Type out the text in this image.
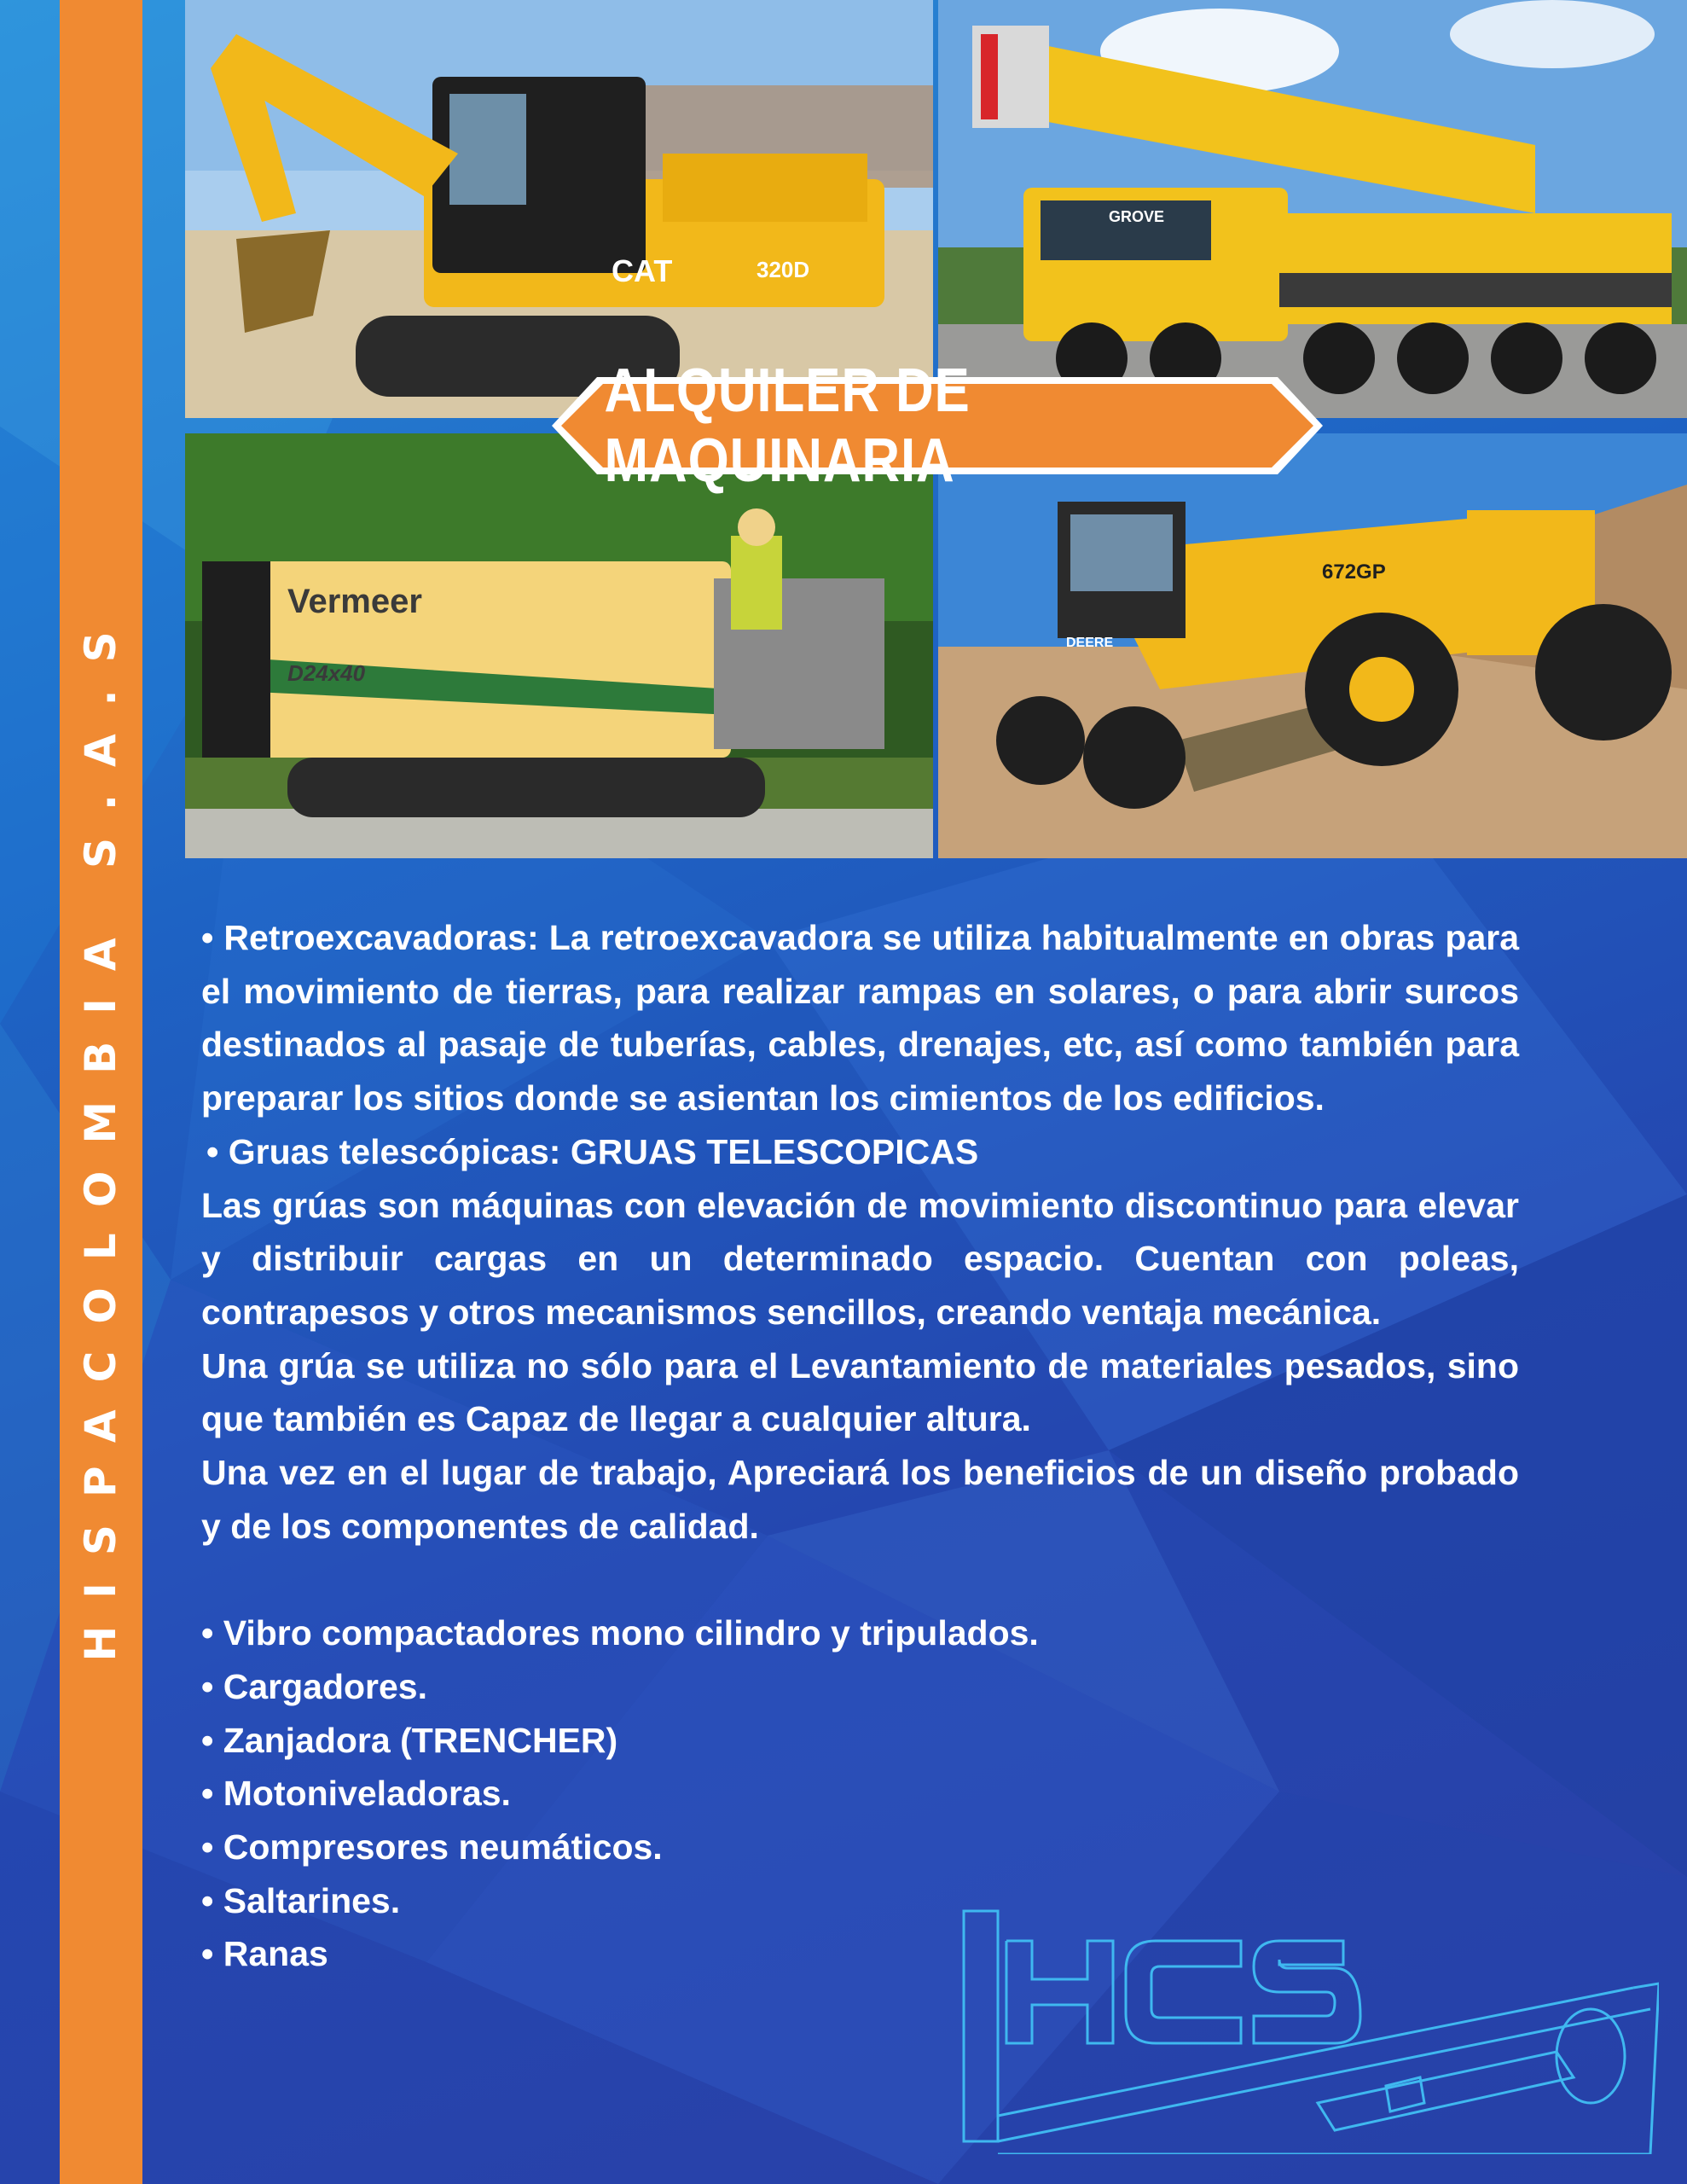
HISPACOLOMBIA S.A.S
CAT	320D
GROVE
Vermeer
D24x40
672GP
DEERE
ALQUILER DE MAQUINARIA

• Retroexcavadoras: La retroexcavadora se utiliza habitualmente en obras para el movimiento de tierras, para realizar rampas en solares, o para abrir surcos destinados al pasaje de tuberías, cables, drenajes, etc, así como también para preparar los sitios donde se asientan los cimientos de los edificios.

• Gruas telescópicas: GRUAS TELESCOPICAS

Las grúas son máquinas con elevación de movimiento discontinuo para elevar y distribuir cargas en un determinado espacio. Cuentan con poleas, contrapesos y otros mecanismos sencillos, creando ventaja mecánica.

Una grúa se utiliza no sólo para el Levantamiento de materiales pesados, sino que también es Capaz de llegar a cualquier altura.

Una vez en el lugar de trabajo, Apreciará los beneficios de un diseño probado y de los componentes de calidad.

• Vibro compactadores mono cilindro y tripulados.

• Cargadores.

• Zanjadora (TRENCHER)

• Motoniveladoras.

• Compresores neumáticos.

• Saltarines.

• Ranas
